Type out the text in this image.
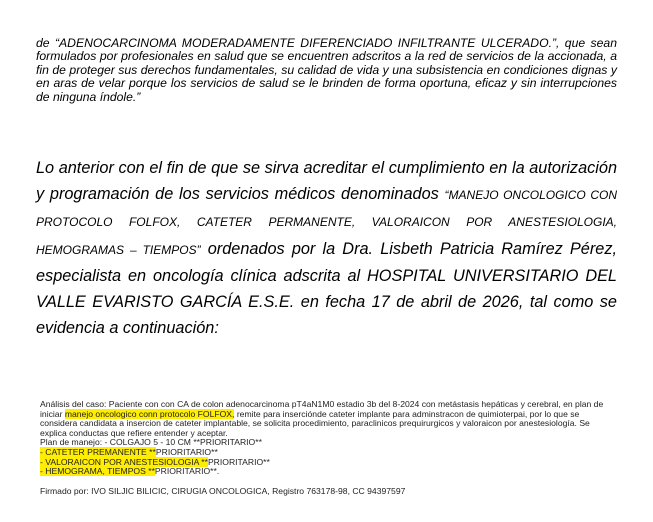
de “ADENOCARCINOMA MODERADAMENTE DIFERENCIADO INFILTRANTE ULCERADO.”, que sean formulados por profesionales en salud que se encuentren adscritos a la red de servicios de la accionada, a fin de proteger sus derechos fundamentales, su calidad de vida y una subsistencia en condiciones dignas y en aras de velar porque los servicios de salud se le brinden de forma oportuna, eficaz y sin interrupciones de ninguna índole.”

Lo anterior con el fin de que se sirva acreditar el cumplimiento en la autorización y programación de los servicios médicos denominados “MANEJO ONCOLOGICO CON PROTOCOLO FOLFOX, CATETER PERMANENTE, VALORAICON POR ANESTESIOLOGIA, HEMOGRAMAS – TIEMPOS” ordenados por la Dra. Lisbeth Patricia Ramírez Pérez, especialista en oncología clínica adscrita al HOSPITAL UNIVERSITARIO DEL VALLE EVARISTO GARCÍA E.S.E. en fecha 17 de abril de 2026, tal como se evidencia a continuación:

Análisis del caso: Paciente con con CA de colon adenocarcinoma pT4aN1M0 estadio 3b del 8-2024 con metástasis hepáticas y cerebral, en plan de iniciar manejo oncologico conn protocolo FOLFOX, remite para inserciónde cateter implante para adminstracon de quimioterpai, por lo que se considera candidata a insercion de cateter implantable, se solicita procedimiento, paraclinicos prequirurgicos y valoraicon por anestesiología. Se explica conductas que refiere entender y aceptar.

Plan de manejo: - COLGAJO 5 - 10 CM **PRIORITARIO**

- CATETER PREMANENTE **PRIORITARIO**

- VALORAICON POR ANESTESIOLOGIA **PRIORITARIO**

- HEMOGRAMA, TIEMPOS **PRIORITARIO**.

Firmado por: IVO SILJIC BILICIC, CIRUGIA ONCOLOGICA, Registro 763178-98, CC 94397597
